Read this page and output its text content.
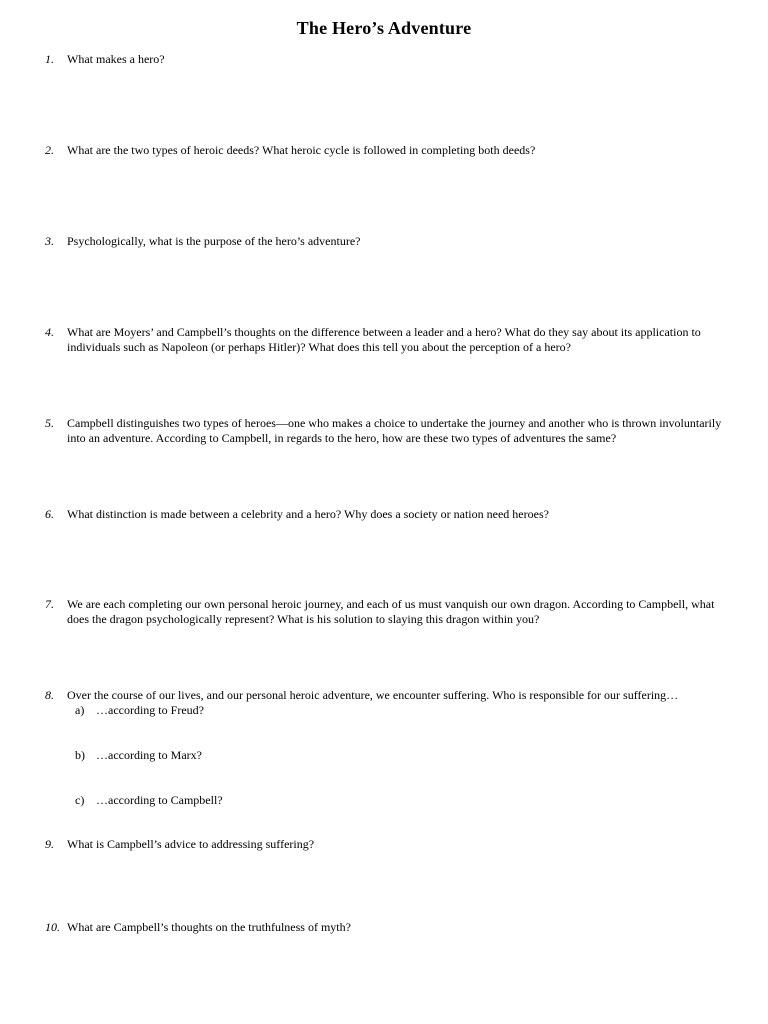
The Hero’s Adventure
1. What makes a hero?
2. What are the two types of heroic deeds? What heroic cycle is followed in completing both deeds?
3. Psychologically, what is the purpose of the hero’s adventure?
4. What are Moyers’ and Campbell’s thoughts on the difference between a leader and a hero? What do they say about its application to individuals such as Napoleon (or perhaps Hitler)? What does this tell you about the perception of a hero?
5. Campbell distinguishes two types of heroes—one who makes a choice to undertake the journey and another who is thrown involuntarily into an adventure. According to Campbell, in regards to the hero, how are these two types of adventures the same?
6. What distinction is made between a celebrity and a hero? Why does a society or nation need heroes?
7. We are each completing our own personal heroic journey, and each of us must vanquish our own dragon. According to Campbell, what does the dragon psychologically represent? What is his solution to slaying this dragon within you?
8. Over the course of our lives, and our personal heroic adventure, we encounter suffering. Who is responsible for our suffering…
a) …according to Freud?
b) …according to Marx?
c) …according to Campbell?
9. What is Campbell’s advice to addressing suffering?
10. What are Campbell’s thoughts on the truthfulness of myth?
